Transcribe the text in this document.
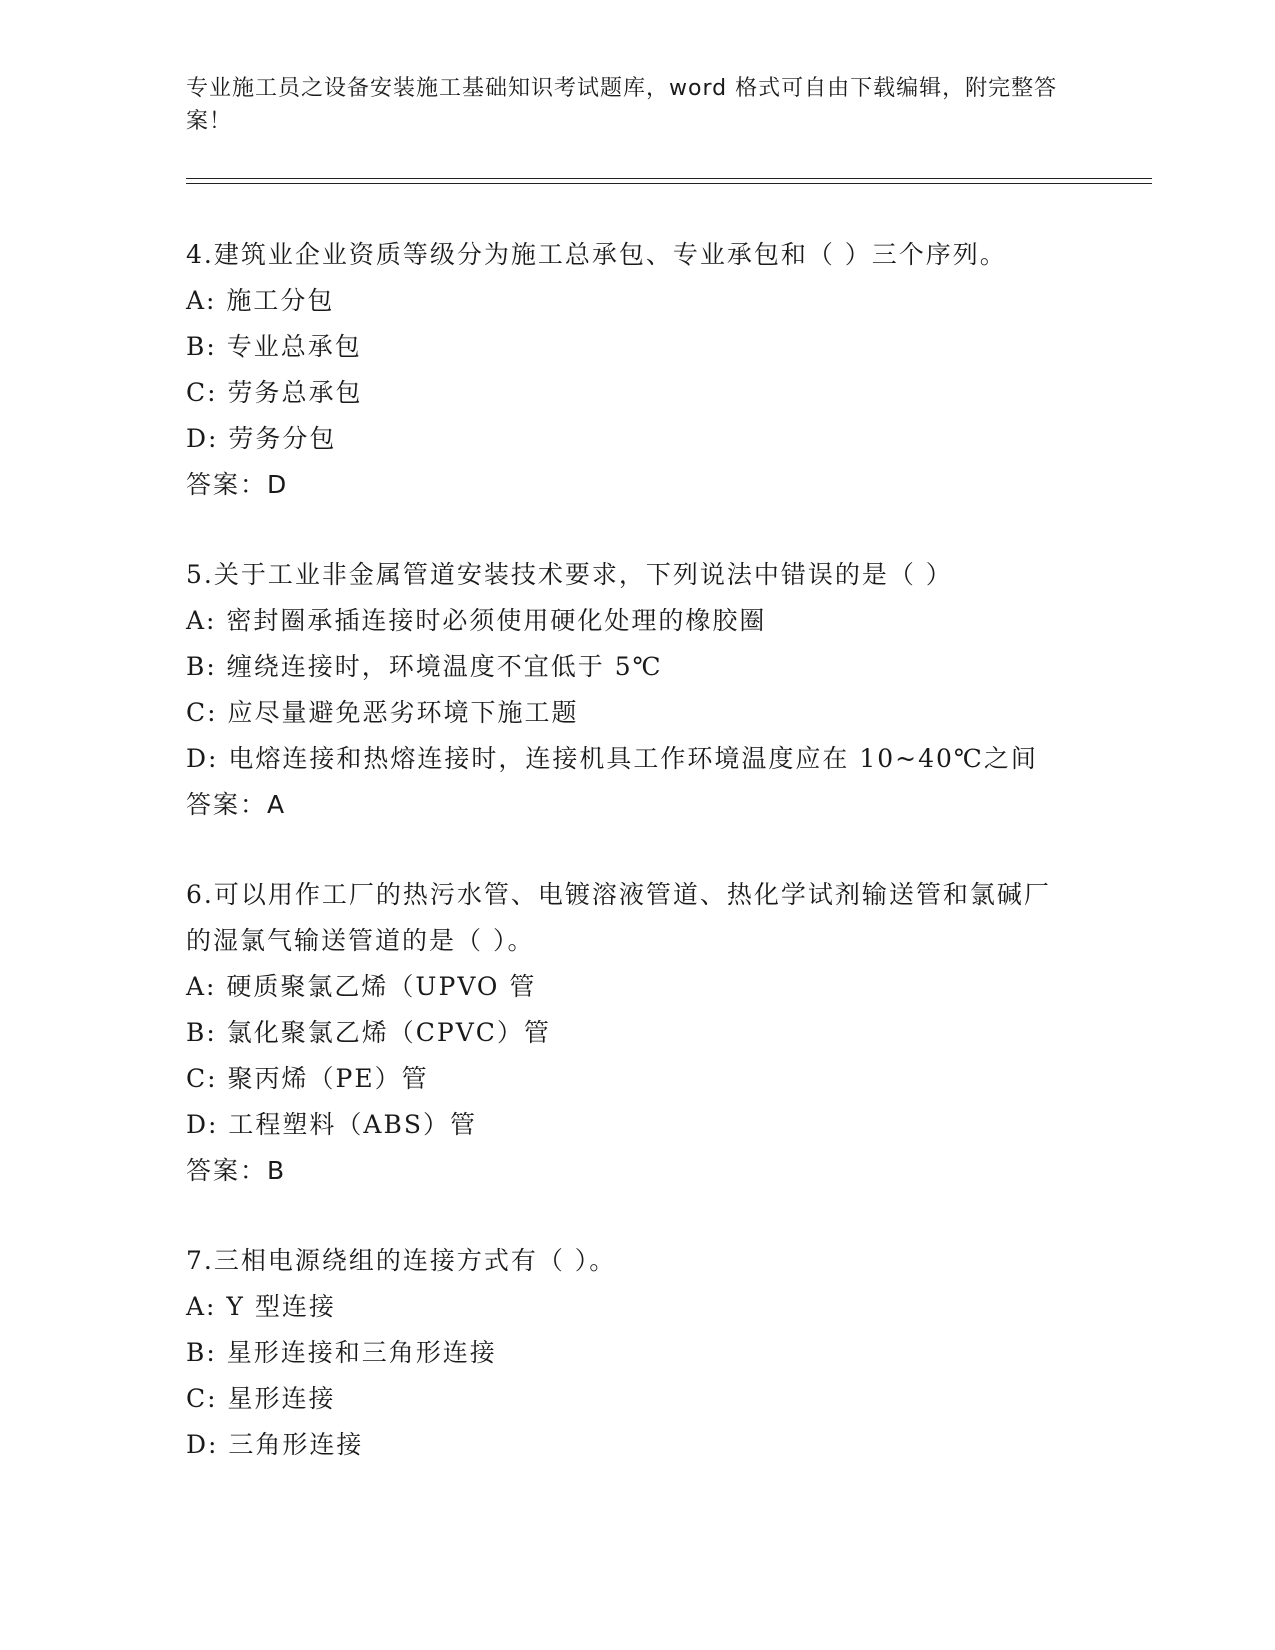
专业施工员之设备安装施工基础知识考试题库，word 格式可自由下载编辑，附完整答案！
4.建筑业企业资质等级分为施工总承包、专业承包和（ ）三个序列。
A: 施工分包
B: 专业总承包
C: 劳务总承包
D: 劳务分包
答案：D
5.关于工业非金属管道安装技术要求，下列说法中错误的是（ ）
A: 密封圈承插连接时必须使用硬化处理的橡胶圈
B: 缠绕连接时，环境温度不宜低于 5℃
C: 应尽量避免恶劣环境下施工题
D: 电熔连接和热熔连接时，连接机具工作环境温度应在 10~40℃之间
答案：A
6.可以用作工厂的热污水管、电镀溶液管道、热化学试剂输送管和氯碱厂的湿氯气输送管道的是（ ）。
A: 硬质聚氯乙烯（UPVO 管
B: 氯化聚氯乙烯（CPVC）管
C: 聚丙烯（PE）管
D: 工程塑料（ABS）管
答案：B
7.三相电源绕组的连接方式有（ ）。
A: Y 型连接
B: 星形连接和三角形连接
C: 星形连接
D: 三角形连接
